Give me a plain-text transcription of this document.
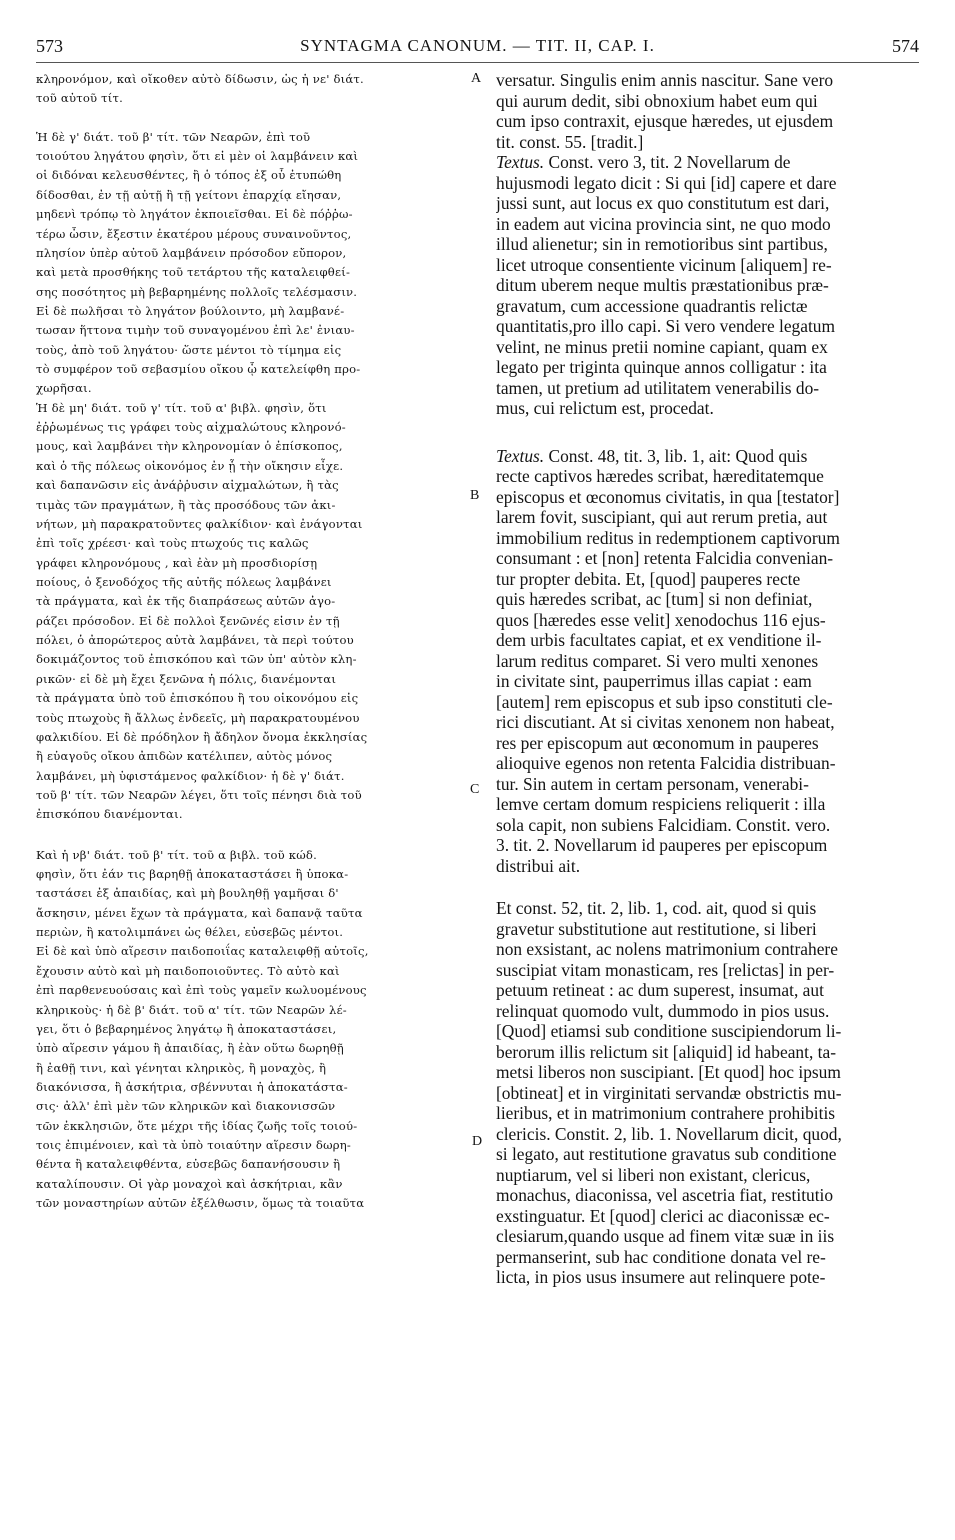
573	SYNTAGMA CANONUM. — TIT. II, CAP. I.	574
A
B
C
D
κληρονόμον, καὶ οἴκοθεν αὐτὸ δίδωσιν, ὡς ἡ νε' διάτ.
τοῦ αὐτοῦ τίτ.
Ἡ δὲ γ' διάτ. τοῦ β' τίτ. τῶν Νεαρῶν, ἐπὶ τοῦ
τοιούτου ληγάτου φησὶν, ὅτι εἰ μὲν οἱ λαμβάνειν καὶ
οἱ διδόναι κελευσθέντες, ἢ ὁ τόπος ἐξ οὗ ἐτυπώθη
δίδοσθαι, ἐν τῇ αὐτῇ ἢ τῇ γείτονι ἐπαρχίᾳ εἴησαν,
μηδενὶ τρόπῳ τὸ ληγάτον ἐκποιεῖσθαι. Εἰ δὲ πόῤῥω-
τέρω ὦσιν, ἔξεστιν ἑκατέρου μέρους συναινοῦντος,
πλησίον ὑπὲρ αὐτοῦ λαμβάνειν πρόσοδον εὔπορον,
καὶ μετὰ προσθήκης τοῦ τετάρτου τῆς καταλειφθεί-
σης ποσότητος μὴ βεβαρημένης πολλοῖς τελέσμασιν.
Εἰ δὲ πωλῆσαι τὸ ληγάτον βούλοιντο, μὴ λαμβανέ-
τωσαν ἥττονα τιμὴν τοῦ συναγομένου ἐπὶ λε' ἐνιαυ-
τοὺς, ἀπὸ τοῦ ληγάτου· ὥστε μέντοι τὸ τίμημα εἰς
τὸ συμφέρον τοῦ σεβασμίου οἴκου ᾧ κατελείφθη προ-
χωρῆσαι.
Ἡ δὲ μη' διάτ. τοῦ γ' τίτ. τοῦ α' βιβλ. φησὶν, ὅτι
ἐῤῥωμένως τις γράφει τοὺς αἰχμαλώτους κληρονό-
μους, καὶ λαμβάνει τὴν κληρονομίαν ὁ ἐπίσκοπος,
καὶ ὁ τῆς πόλεως οἰκονόμος ἐν ᾗ τὴν οἴκησιν εἶχε.
καὶ δαπανῶσιν εἰς ἀνάῤῥυσιν αἰχμαλώτων, ἢ τὰς
τιμὰς τῶν πραγμάτων, ἢ τὰς προσόδους τῶν ἀκι-
νήτων, μὴ παρακρατοῦντες φαλκίδιον· καὶ ἐνάγονται
ἐπὶ τοῖς χρέεσι· καὶ τοὺς πτωχούς τις καλῶς
γράφει κληρονόμους , καὶ ἐὰν μὴ προσδιορίσῃ
ποίους, ὁ ξενοδόχος τῆς αὐτῆς πόλεως λαμβάνει
τὰ πράγματα, καὶ ἐκ τῆς διαπράσεως αὐτῶν ἀγο-
ράζει πρόσοδον. Εἰ δὲ πολλοὶ ξενῶνές εἰσιν ἐν τῇ
πόλει, ὁ ἀπορώτερος αὐτὰ λαμβάνει, τὰ περὶ τούτου
δοκιμάζοντος τοῦ ἐπισκόπου καὶ τῶν ὑπ' αὐτὸν κλη-
ρικῶν· εἰ δὲ μὴ ἔχει ξενῶνα ἡ πόλις, διανέμονται
τὰ πράγματα ὑπὸ τοῦ ἐπισκόπου ἢ του οἰκονόμου εἰς
τοὺς πτωχοὺς ἢ ἄλλως ἐνδεεῖς, μὴ παρακρατουμένου
φαλκιδίου. Εἰ δὲ πρόδηλον ἢ ἄδηλον ὄνομα ἐκκλησίας
ἢ εὐαγοῦς οἴκου ἀπιδὼν κατέλιπεν, αὐτὸς μόνος
λαμβάνει, μὴ ὑφιστάμενος φαλκίδιον· ἡ δὲ γ' διάτ.
τοῦ β' τίτ. τῶν Νεαρῶν λέγει, ὅτι τοῖς πένησι διὰ τοῦ
ἐπισκόπου διανέμονται.
Καὶ ἡ νβ' διάτ. τοῦ β' τίτ. τοῦ α βιβλ. τοῦ κώδ.
φησὶν, ὅτι ἐάν τις βαρηθῇ ἀποκαταστάσει ἢ ὑποκα-
ταστάσει ἐξ ἀπαιδίας, καὶ μὴ βουληθῇ γαμῆσαι δ'
ἄσκησιν, μένει ἔχων τὰ πράγματα, καὶ δαπανᾷ ταῦτα
περιὼν, ἢ κατολιμπάνει ὡς θέλει, εὐσεβῶς μέντοι.
Εἰ δὲ καὶ ὑπὸ αἵρεσιν παιδοποιΐας καταλειφθῇ αὐτοῖς,
ἔχουσιν αὐτὸ καὶ μὴ παιδοποιοῦντες. Τὸ αὐτὸ καὶ
ἐπὶ παρθενευούσαις καὶ ἐπὶ τοὺς γαμεῖν κωλυομένους
κληρικοὺς· ἡ δὲ β' διάτ. τοῦ α' τίτ. τῶν Νεαρῶν λέ-
γει, ὅτι ὁ βεβαρημένος ληγάτῳ ἢ ἀποκαταστάσει,
ὑπὸ αἵρεσιν γάμου ἢ ἀπαιδίας, ἢ ἐὰν οὕτω δωρηθῇ
ἢ ἐαθῇ τινι, καὶ γένηται κληρικὸς, ἢ μοναχὸς, ἢ
διακόνισσα, ἢ ἀσκήτρια, σβέννυται ἡ ἀποκατάστα-
σις· ἀλλ' ἐπὶ μὲν τῶν κληρικῶν καὶ διακονισσῶν
τῶν ἐκκλησιῶν, ὅτε μέχρι τῆς ἰδίας ζωῆς τοῖς τοιού-
τοις ἐπιμένοιεν, καὶ τὰ ὑπὸ τοιαύτην αἵρεσιν δωρη-
θέντα ἢ καταλειφθέντα, εὐσεβῶς δαπανήσουσιν ἢ
καταλίπουσιν. Οἱ γὰρ μοναχοὶ καὶ ἀσκήτριαι, κἂν
τῶν μοναστηρίων αὐτῶν ἐξέλθωσιν, ὅμως τὰ τοιαῦτα
versatur. Singulis enim annis nascitur. Sane vero
qui aurum dedit, sibi obnoxium habet eum qui
cum ipso contraxit, ejusque hæredes, ut ejusdem
tit. const. 55. [tradit.]
Textus. Const. vero 3, tit. 2 Novellarum de
hujusmodi legato dicit : Si qui [id] capere et dare
jussi sunt, aut locus ex quo constitutum est dari,
in eadem aut vicina provincia sint, ne quo modo
illud alienetur; sin in remotioribus sint partibus,
licet utroque consentiente vicinum [aliquem] re-
ditum uberem neque multis præstationibus præ-
gravatum, cum accessione quadrantis relictæ
quantitatis,pro illo capi. Si vero vendere legatum
velint, ne minus pretii nomine capiant, quam ex
legato per triginta quinque annos colligatur : ita
tamen, ut pretium ad utilitatem venerabilis do-
mus, cui relictum est, procedat.
Textus. Const. 48, tit. 3, lib. 1, ait: Quod quis
recte captivos hæredes scribat, hæreditatemque
episcopus et œconomus civitatis, in qua [testator]
larem fovit, suscipiant, qui aut rerum pretia, aut
immobilium reditus in redemptionem captivorum
consumant : et [non] retenta Falcidia convenian-
tur propter debita. Et, [quod] pauperes recte
quis hæredes scribat, ac [tum] si non definiat,
quos [hæredes esse velit] xenodochus 116 ejus-
dem urbis facultates capiat, et ex venditione il-
larum reditus comparet. Si vero multi xenones
in civitate sint, pauperrimus illas capiat : eam
[autem] rem episcopus et sub ipso constituti cle-
rici discutiant. At si civitas xenonem non habeat,
res per episcopum aut œconomum in pauperes
alioquive egenos non retenta Falcidia distribuan-
tur. Sin autem in certam personam, venerabi-
lemve certam domum respiciens reliquerit : illa
sola capit, non subiens Falcidiam. Constit. vero.
3. tit. 2. Novellarum id pauperes per episcopum
distribui ait.
Et const. 52, tit. 2, lib. 1, cod. ait, quod si quis
gravetur substitutione aut restitutione, si liberi
non exsistant, ac nolens matrimonium contrahere
suscipiat vitam monasticam, res [relictas] in per-
petuum retineat : ac dum superest, insumat, aut
relinquat quomodo vult, dummodo in pios usus.
[Quod] etiamsi sub conditione suscipiendorum li-
berorum illis relictum sit [aliquid] id habeant, ta-
metsi liberos non suscipiant. [Et quod] hoc ipsum
[obtineat] et in virginitati servandæ obstrictis mu-
lieribus, et in matrimonium contrahere prohibitis
clericis. Constit. 2, lib. 1. Novellarum dicit, quod,
si legato, aut restitutione gravatus sub conditione
nuptiarum, vel si liberi non existant, clericus,
monachus, diaconissa, vel ascetria fiat, restitutio
exstinguatur. Et [quod] clerici ac diaconissæ ec-
clesiarum,quando usque ad finem vitæ suæ in iis
permanserint, sub hac conditione donata vel re-
licta, in pios usus insumere aut relinquere pote-
